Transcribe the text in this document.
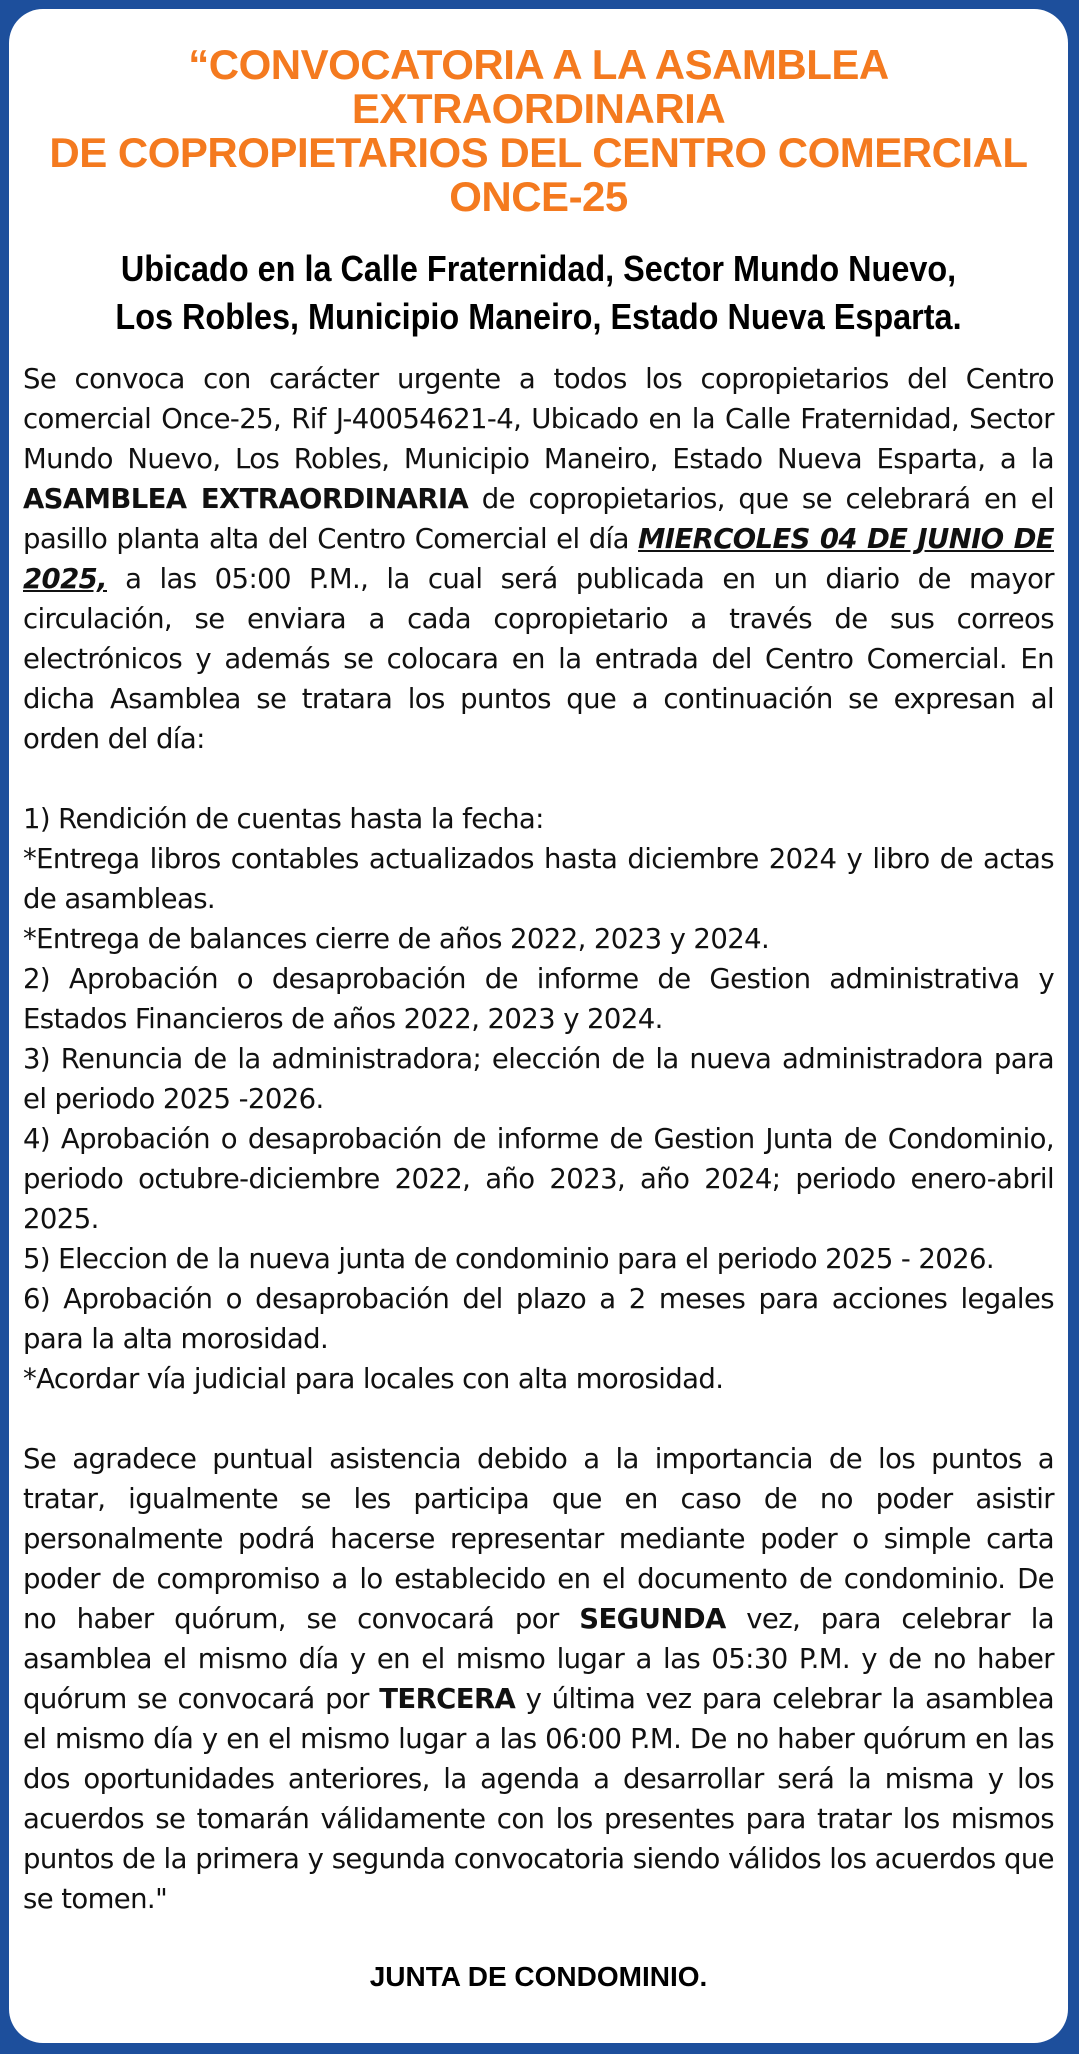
“CONVOCATORIA A LA ASAMBLEA EXTRAORDINARIA
DE COPROPIETARIOS DEL CENTRO COMERCIAL
ONCE-25
Ubicado en la Calle Fraternidad, Sector Mundo Nuevo,
Los Robles, Municipio Maneiro, Estado Nueva Esparta.

Se convoca con carácter urgente a todos los copropietarios del Centro comercial Once-25, Rif J-40054621-4, Ubicado en la Calle Fraternidad, Sector Mundo Nuevo, Los Robles, Municipio Maneiro, Estado Nueva Esparta, a la ASAMBLEA EXTRAORDINARIA de copropietarios, que se celebrará en el pasillo planta alta del Centro Comercial el día MIERCOLES 04 DE JUNIO DE 2025, a las 05:00 P.M., la cual será publicada en un diario de mayor circulación, se enviara a cada copropietario a través de sus correos electrónicos y además se colocara en la entrada del Centro Comercial. En dicha Asamblea se tratara los puntos que a continuación se expresan al orden del día:

1) Rendición de cuentas hasta la fecha:

*Entrega libros contables actualizados hasta diciembre 2024 y libro de actas de asambleas.

*Entrega de balances cierre de años 2022, 2023 y 2024.

2) Aprobación o desaprobación de informe de Gestion administrativa y Estados Financieros de años 2022, 2023 y 2024.

3) Renuncia de la administradora; elección de la nueva administradora para el periodo 2025 -2026.

4) Aprobación o desaprobación de informe de Gestion Junta de Condominio, periodo octubre-diciembre 2022, año 2023, año 2024; periodo enero-abril 2025.

5) Eleccion de la nueva junta de condominio para el periodo 2025 - 2026.

6) Aprobación o desaprobación del plazo a 2 meses para acciones legales para la alta morosidad.

*Acordar vía judicial para locales con alta morosidad.

Se agradece puntual asistencia debido a la importancia de los puntos a tratar, igualmente se les participa que en caso de no poder asistir personalmente podrá hacerse representar mediante poder o simple carta poder de compromiso a lo establecido en el documento de condominio. De no haber quórum, se convocará por SEGUNDA vez, para celebrar la asamblea el mismo día y en el mismo lugar a las 05:30 P.M. y de no haber quórum se convocará por TERCERA y última vez para celebrar la asamblea el mismo día y en el mismo lugar a las 06:00 P.M. De no haber quórum en las dos oportunidades anteriores, la agenda a desarrollar será la misma y los acuerdos se tomarán válidamente con los presentes para tratar los mismos puntos de la primera y segunda convocatoria siendo válidos los acuerdos que se tomen."

JUNTA DE CONDOMINIO.
